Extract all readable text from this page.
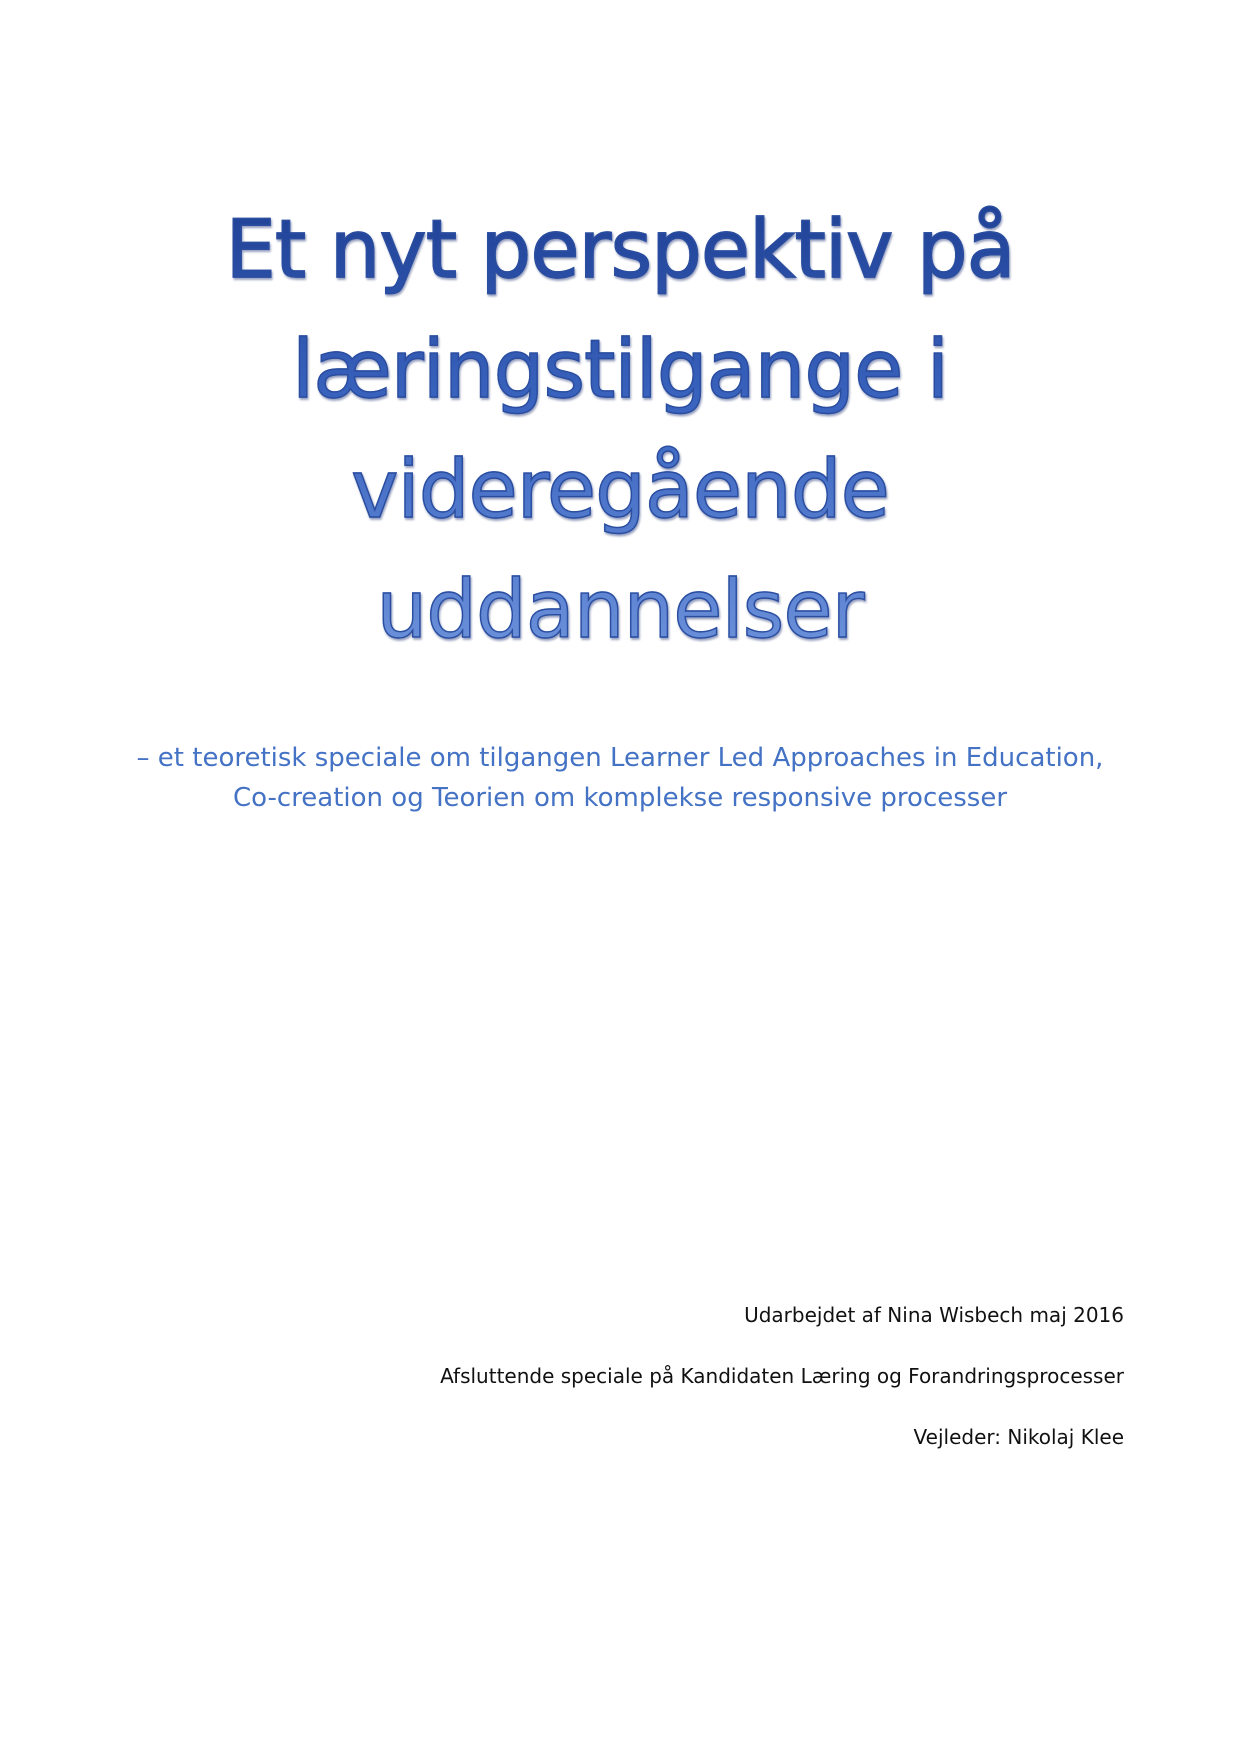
Et nyt perspektiv på
læringstilgange i
videregående
uddannelser
– et teoretisk speciale om tilgangen Learner Led Approaches in Education,
Co-creation og Teorien om komplekse responsive processer
Udarbejdet af Nina Wisbech maj 2016
Afsluttende speciale på Kandidaten Læring og Forandringsprocesser
Vejleder: Nikolaj Klee
